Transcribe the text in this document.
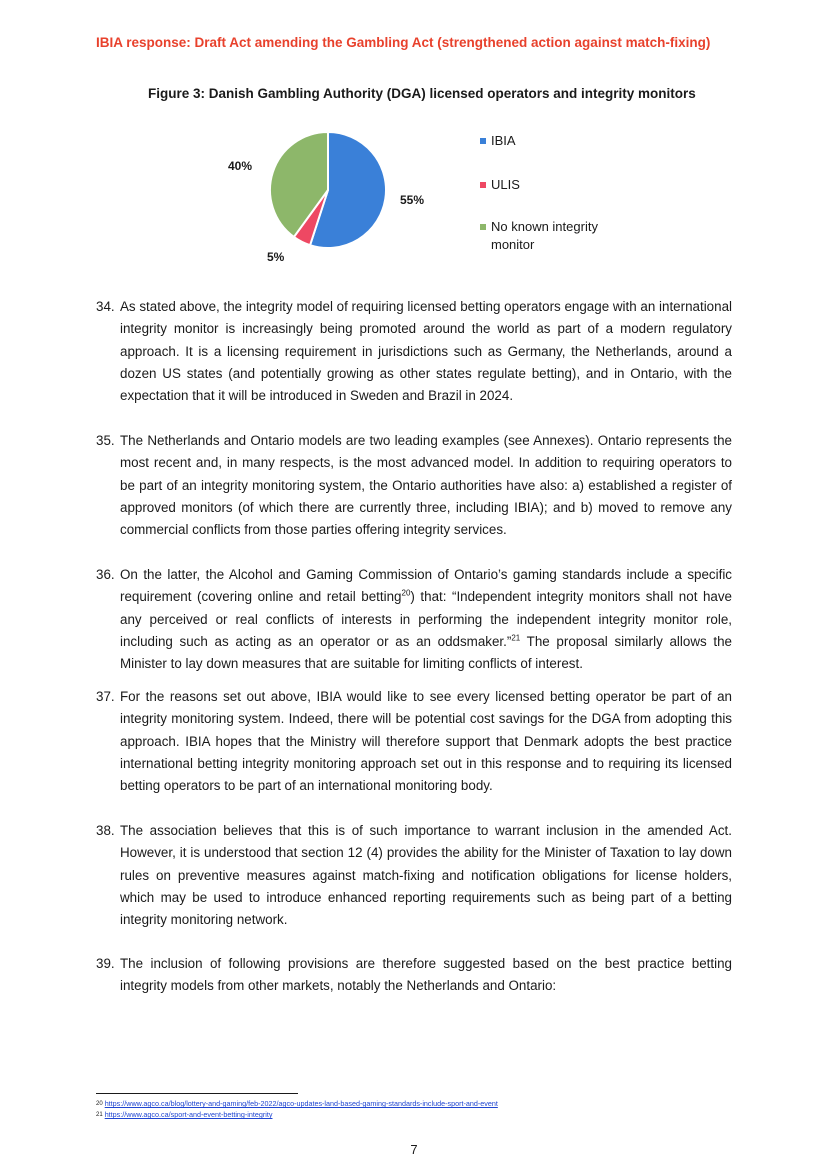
IBIA response: Draft Act amending the Gambling Act (strengthened action against match-fixing)
Figure 3: Danish Gambling Authority (DGA) licensed operators and integrity monitors
55%
5%
40%
IBIA
ULIS
No known integrity monitor
34. As stated above, the integrity model of requiring licensed betting operators engage with an international integrity monitor is increasingly being promoted around the world as part of a modern regulatory approach. It is a licensing requirement in jurisdictions such as Germany, the Netherlands, around a dozen US states (and potentially growing as other states regulate betting), and in Ontario, with the expectation that it will be introduced in Sweden and Brazil in 2024.
35. The Netherlands and Ontario models are two leading examples (see Annexes). Ontario represents the most recent and, in many respects, is the most advanced model. In addition to requiring operators to be part of an integrity monitoring system, the Ontario authorities have also: a) established a register of approved monitors (of which there are currently three, including IBIA); and b) moved to remove any commercial conflicts from those parties offering integrity services.
36. On the latter, the Alcohol and Gaming Commission of Ontario’s gaming standards include a specific requirement (covering online and retail betting$^{20}$) that: “Independent integrity monitors shall not have any perceived or real conflicts of interests in performing the independent integrity monitor role, including such as acting as an operator or as an oddsmaker.”$^{21}$ The proposal similarly allows the Minister to lay down measures that are suitable for limiting conflicts of interest.
37. For the reasons set out above, IBIA would like to see every licensed betting operator be part of an integrity monitoring system. Indeed, there will be potential cost savings for the DGA from adopting this approach. IBIA hopes that the Ministry will therefore support that Denmark adopts the best practice international betting integrity monitoring approach set out in this response and to requiring its licensed betting operators to be part of an international monitoring body.
38. The association believes that this is of such importance to warrant inclusion in the amended Act. However, it is understood that section 12 (4) provides the ability for the Minister of Taxation to lay down rules on preventive measures against match-fixing and notification obligations for license holders, which may be used to introduce enhanced reporting requirements such as being part of a betting integrity monitoring network.
39. The inclusion of following provisions are therefore suggested based on the best practice betting integrity models from other markets, notably the Netherlands and Ontario:
$^{20}$ https://www.agco.ca/blog/lottery-and-gaming/feb-2022/agco-updates-land-based-gaming-standards-include-sport-and-event
$^{21}$ https://www.agco.ca/sport-and-event-betting-integrity
7
